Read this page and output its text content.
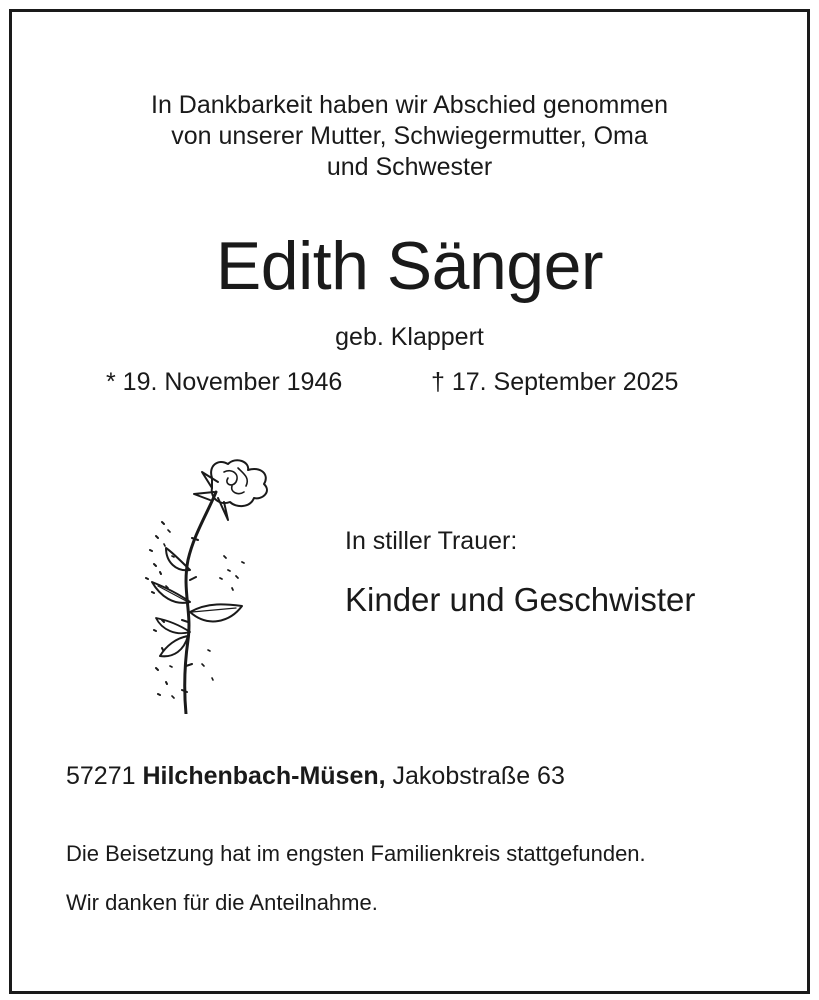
In Dankbarkeit haben wir Abschied genommen
von unserer Mutter, Schwiegermutter, Oma
und Schwester
Edith Sänger
geb. Klappert
* 19. November 1946	† 17. September 2025
In stiller Trauer:
Kinder und Geschwister
57271 Hilchenbach-Müsen, Jakobstraße 63
Die Beisetzung hat im engsten Familienkreis stattgefunden.
Wir danken für die Anteilnahme.
